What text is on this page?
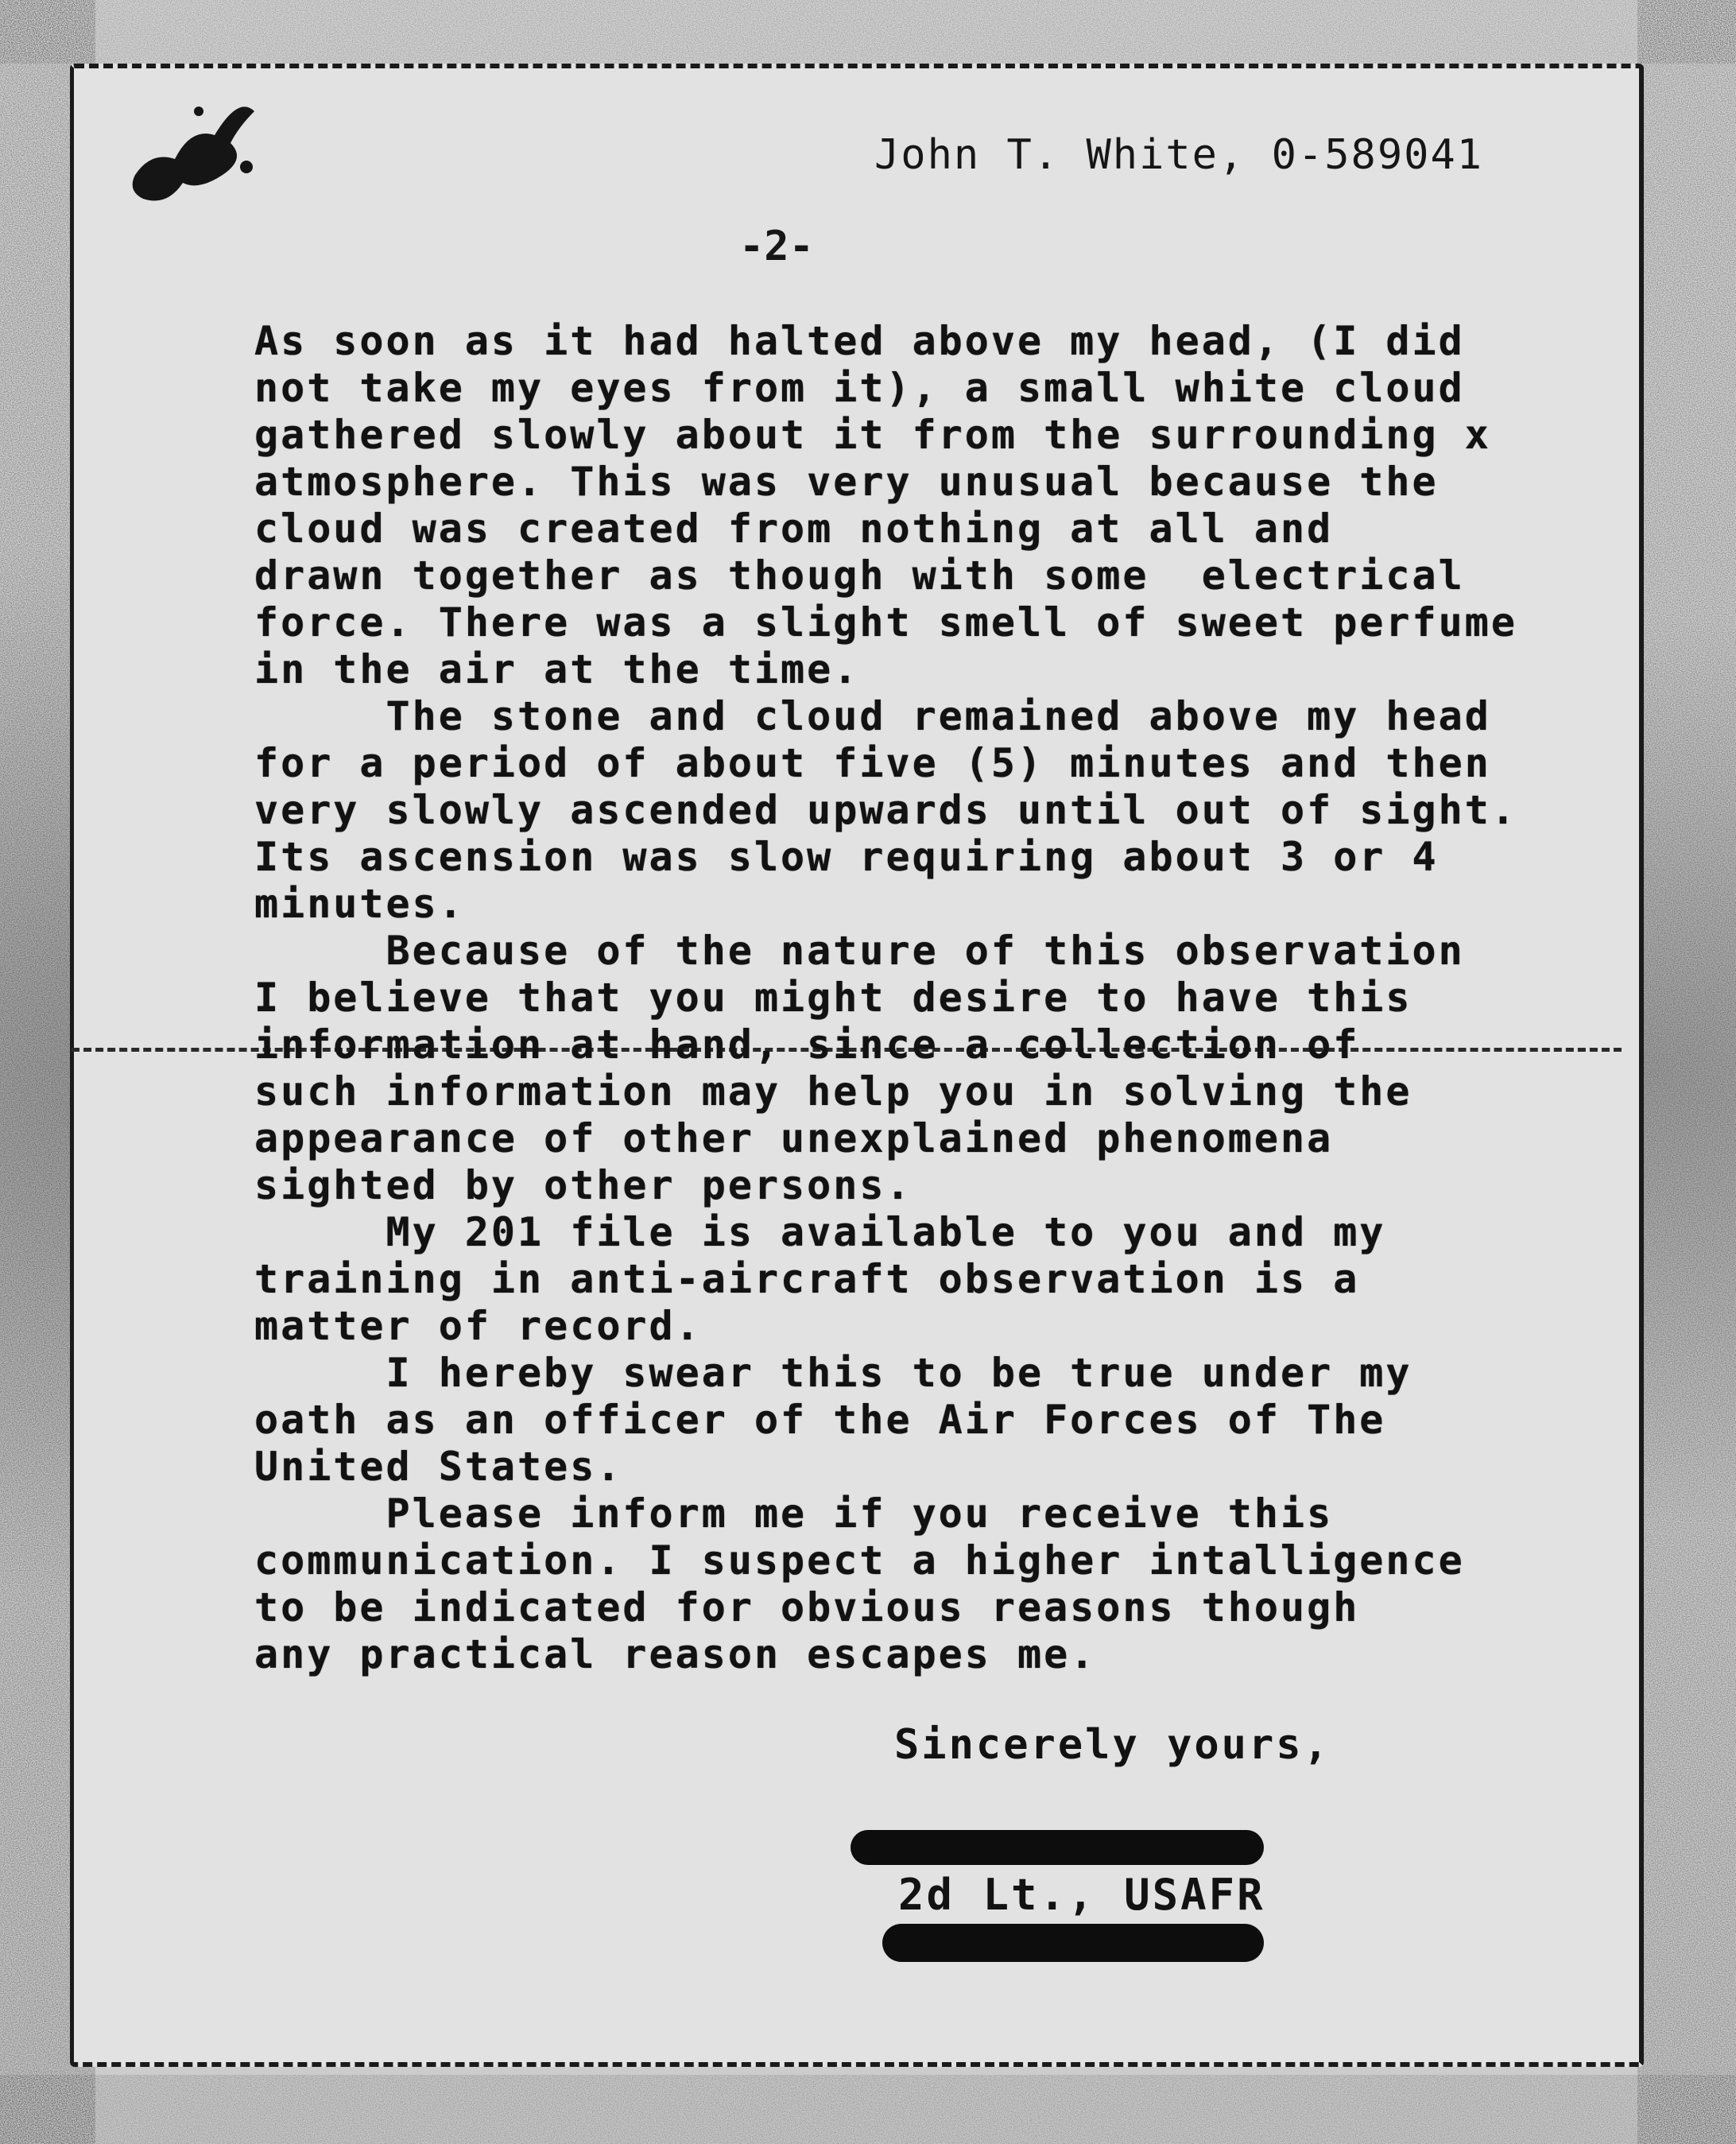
John T. White, 0-589041
-2-
As soon as it had halted above my head, (I did
not take my eyes from it), a small white cloud
gathered slowly about it from the surrounding x
atmosphere. This was very unusual because the
cloud was created from nothing at all and
drawn together as though with some  electrical
force. There was a slight smell of sweet perfume
in the air at the time.
The stone and cloud remained above my head
for a period of about five (5) minutes and then
very slowly ascended upwards until out of sight.
Its ascension was slow requiring about 3 or 4
minutes.
Because of the nature of this observation
I believe that you might desire to have this
information at hand, since a collection of
such information may help you in solving the
appearance of other unexplained phenomena
sighted by other persons.
My 201 file is available to you and my
training in anti-aircraft observation is a
matter of record.
I hereby swear this to be true under my
oath as an officer of the Air Forces of The
United States.
Please inform me if you receive this
communication. I suspect a higher intalligence
to be indicated for obvious reasons though
any practical reason escapes me.
Sincerely yours,
2d Lt., USAFR
